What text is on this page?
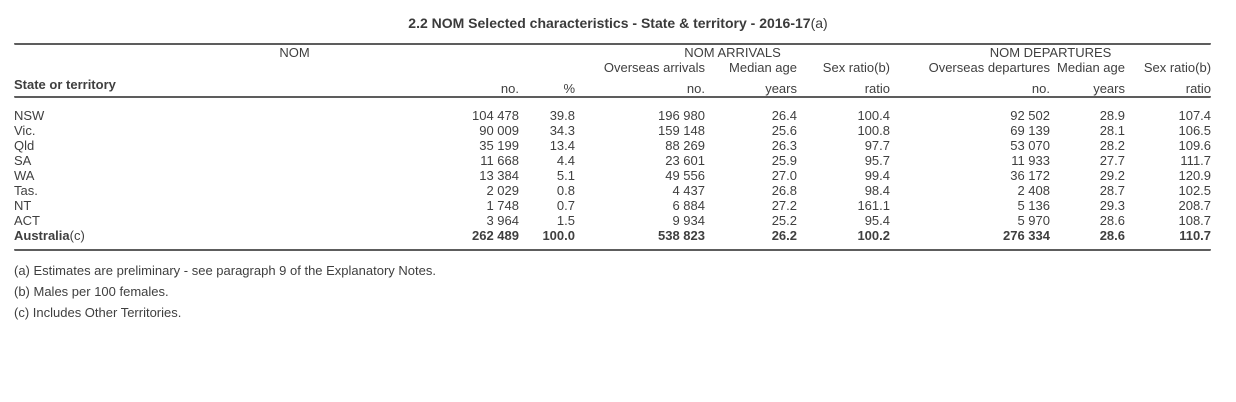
2.2 NOM Selected characteristics - State & territory - 2016-17(a)

NOM			NOM ARRIVALS			NOM DEPARTURES		
			Overseas arrivals	Median age	Sex ratio(b)	Overseas departures	Median age	Sex ratio(b)
State or territory	no.	%	no.	years	ratio	no.	years	ratio

NSW	104 478	39.8	196 980	26.4	100.4	92 502	28.9	107.4
Vic.	90 009	34.3	159 148	25.6	100.8	69 139	28.1	106.5
Qld	35 199	13.4	88 269	26.3	97.7	53 070	28.2	109.6
SA	11 668	4.4	23 601	25.9	95.7	11 933	27.7	111.7
WA	13 384	5.1	49 556	27.0	99.4	36 172	29.2	120.9
Tas.	2 029	0.8	4 437	26.8	98.4	2 408	28.7	102.5
NT	1 748	0.7	6 884	27.2	161.1	5 136	29.3	208.7
ACT	3 964	1.5	9 934	25.2	95.4	5 970	28.6	108.7
Australia(c)	262 489	100.0	538 823	26.2	100.2	276 334	28.6	110.7

(a) Estimates are preliminary - see paragraph 9 of the Explanatory Notes.
(b) Males per 100 females.
(c) Includes Other Territories.
